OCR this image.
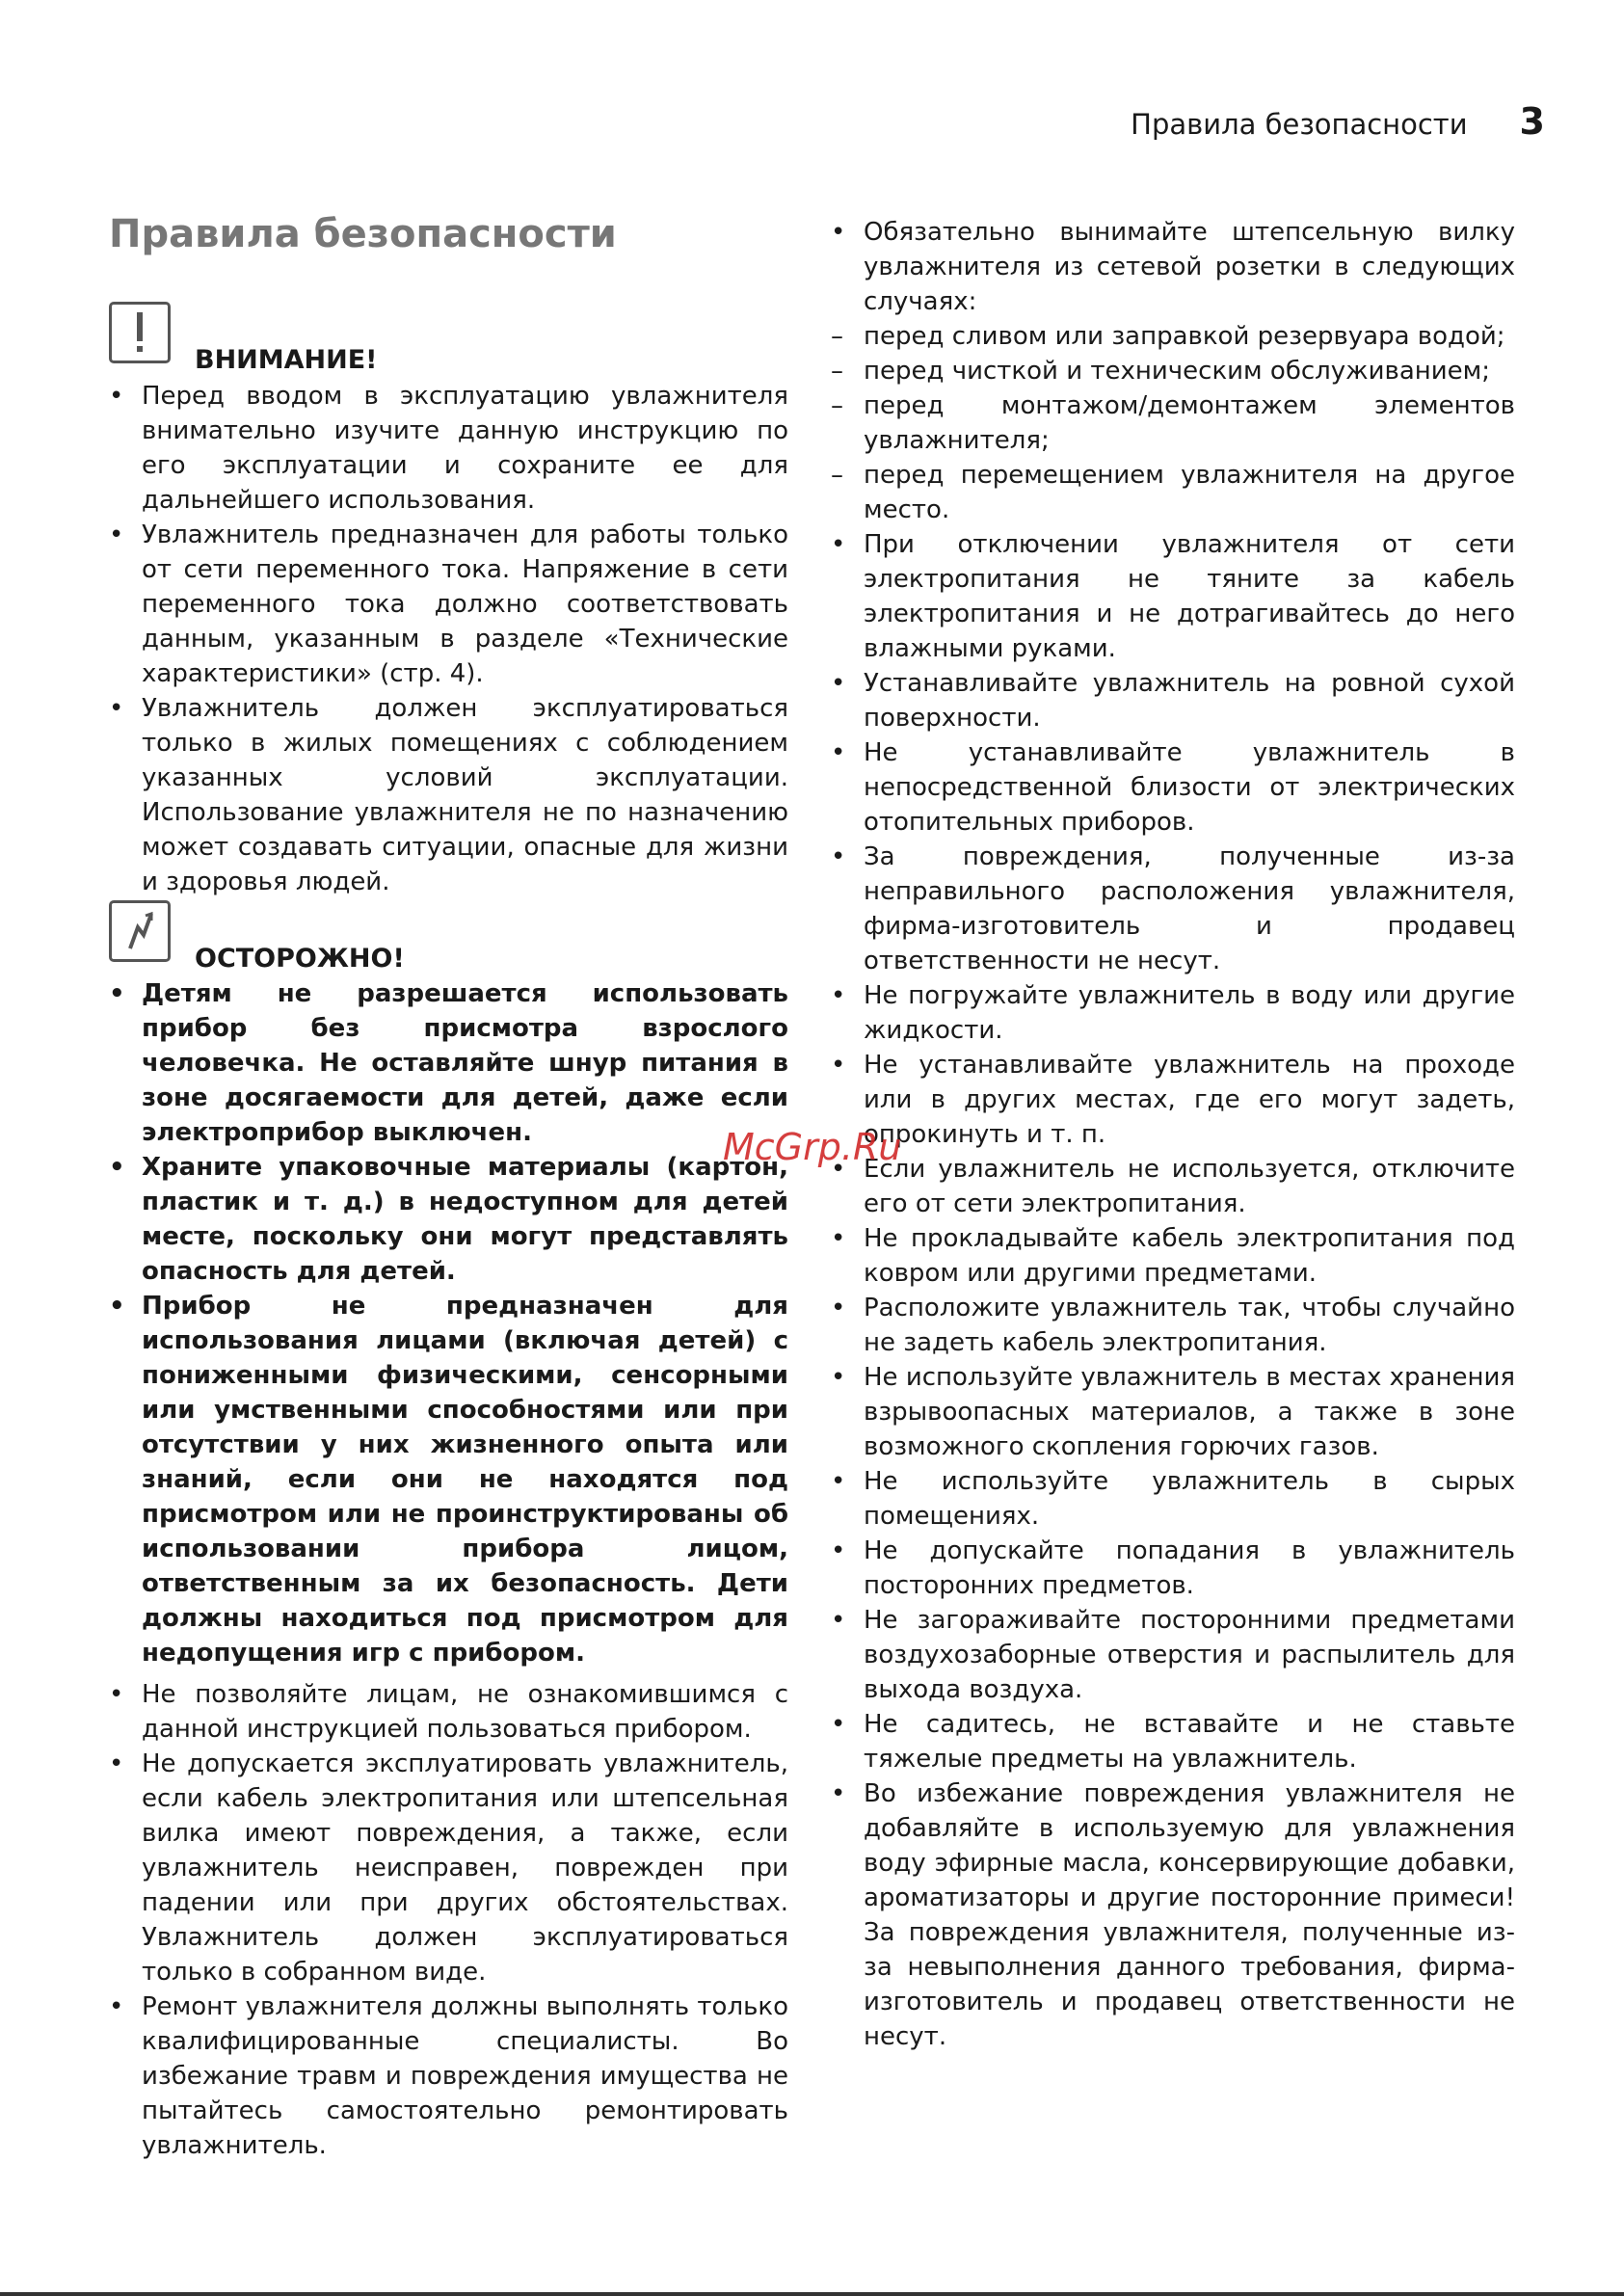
Правила безопасности 3
Правила безопасности
ВНИМАНИЕ!
• Перед вводом в эксплуатацию увлажнителя внимательно изучите данную инструкцию по его эксплуатации и сохраните ее для дальнейшего использования.
• Увлажнитель предназначен для работы только от сети переменного тока. Напряжение в сети переменного тока должно соответствовать данным, указанным в разделе «Технические характеристики» (стр. 4).
• Увлажнитель должен эксплуатироваться только в жилых помещениях с соблюдением указанных условий эксплуатации. Использование увлажнителя не по назначению может создавать ситуации, опасные для жизни и здоровья людей.
ОСТОРОЖНО!
• Детям не разрешается использовать прибор без присмотра взрослого человечка. Не оставляйте шнур питания в зоне досягаемости для детей, даже если электроприбор выключен.
• Храните упаковочные материалы (картон, пластик и т. д.) в недоступном для детей месте, поскольку они могут представлять опасность для детей.
• Прибор не предназначен для использования лицами (включая детей) с пониженными физическими, сенсорными или умственными способностями или при отсутствии у них жизненного опыта или знаний, если они не находятся под присмотром или не проинструктированы об использовании прибора лицом, ответственным за их безопасность. Дети должны находиться под присмотром для недопущения игр с прибором.
• Не позволяйте лицам, не ознакомившимся с данной инструкцией пользоваться прибором.
• Не допускается эксплуатировать увлажнитель, если кабель электропитания или штепсельная вилка имеют повреждения, а также, если увлажнитель неисправен, поврежден при падении или при других обстоятельствах. Увлажнитель должен эксплуатироваться только в собранном виде.
• Ремонт увлажнителя должны выполнять только квалифицированные специалисты. Во избежание травм и повреждения имущества не пытайтесь самостоятельно ремонтировать увлажнитель.
• Обязательно вынимайте штепсельную вилку увлажнителя из сетевой розетки в следующих случаях:
– перед сливом или заправкой резервуара водой;
– перед чисткой и техническим обслуживанием;
– перед монтажом/демонтажем элементов увлажнителя;
– перед перемещением увлажнителя на другое место.
• При отключении увлажнителя от сети электропитания не тяните за кабель электропитания и не дотрагивайтесь до него влажными руками.
• Устанавливайте увлажнитель на ровной сухой поверхности.
• Не устанавливайте увлажнитель в непосредственной близости от электрических отопительных приборов.
• За повреждения, полученные из-за неправильного расположения увлажнителя, фирма-изготовитель и продавец ответственности не несут.
• Не погружайте увлажнитель в воду или другие жидкости.
• Не устанавливайте увлажнитель на проходе или в других местах, где его могут задеть, опрокинуть и т. п.
• Если увлажнитель не используется, отключите его от сети электропитания.
• Не прокладывайте кабель электропитания под ковром или другими предметами.
• Расположите увлажнитель так, чтобы случайно не задеть кабель электропитания.
• Не используйте увлажнитель в местах хранения взрывоопасных материалов, а также в зоне возможного скопления горючих газов.
• Не используйте увлажнитель в сырых помещениях.
• Не допускайте попадания в увлажнитель посторонних предметов.
• Не загораживайте посторонними предметами воздухозаборные отверстия и распылитель для выхода воздуха.
• Не садитесь, не вставайте и не ставьте тяжелые предметы на увлажнитель.
• Во избежание повреждения увлажнителя не добавляйте в используемую для увлажнения воду эфирные масла, консервирующие добавки, ароматизаторы и другие посторонние примеси! За повреждения увлажнителя, полученные из-за невыполнения данного требования, фирма-изготовитель и продавец ответственности не несут.
McGrp.Ru
